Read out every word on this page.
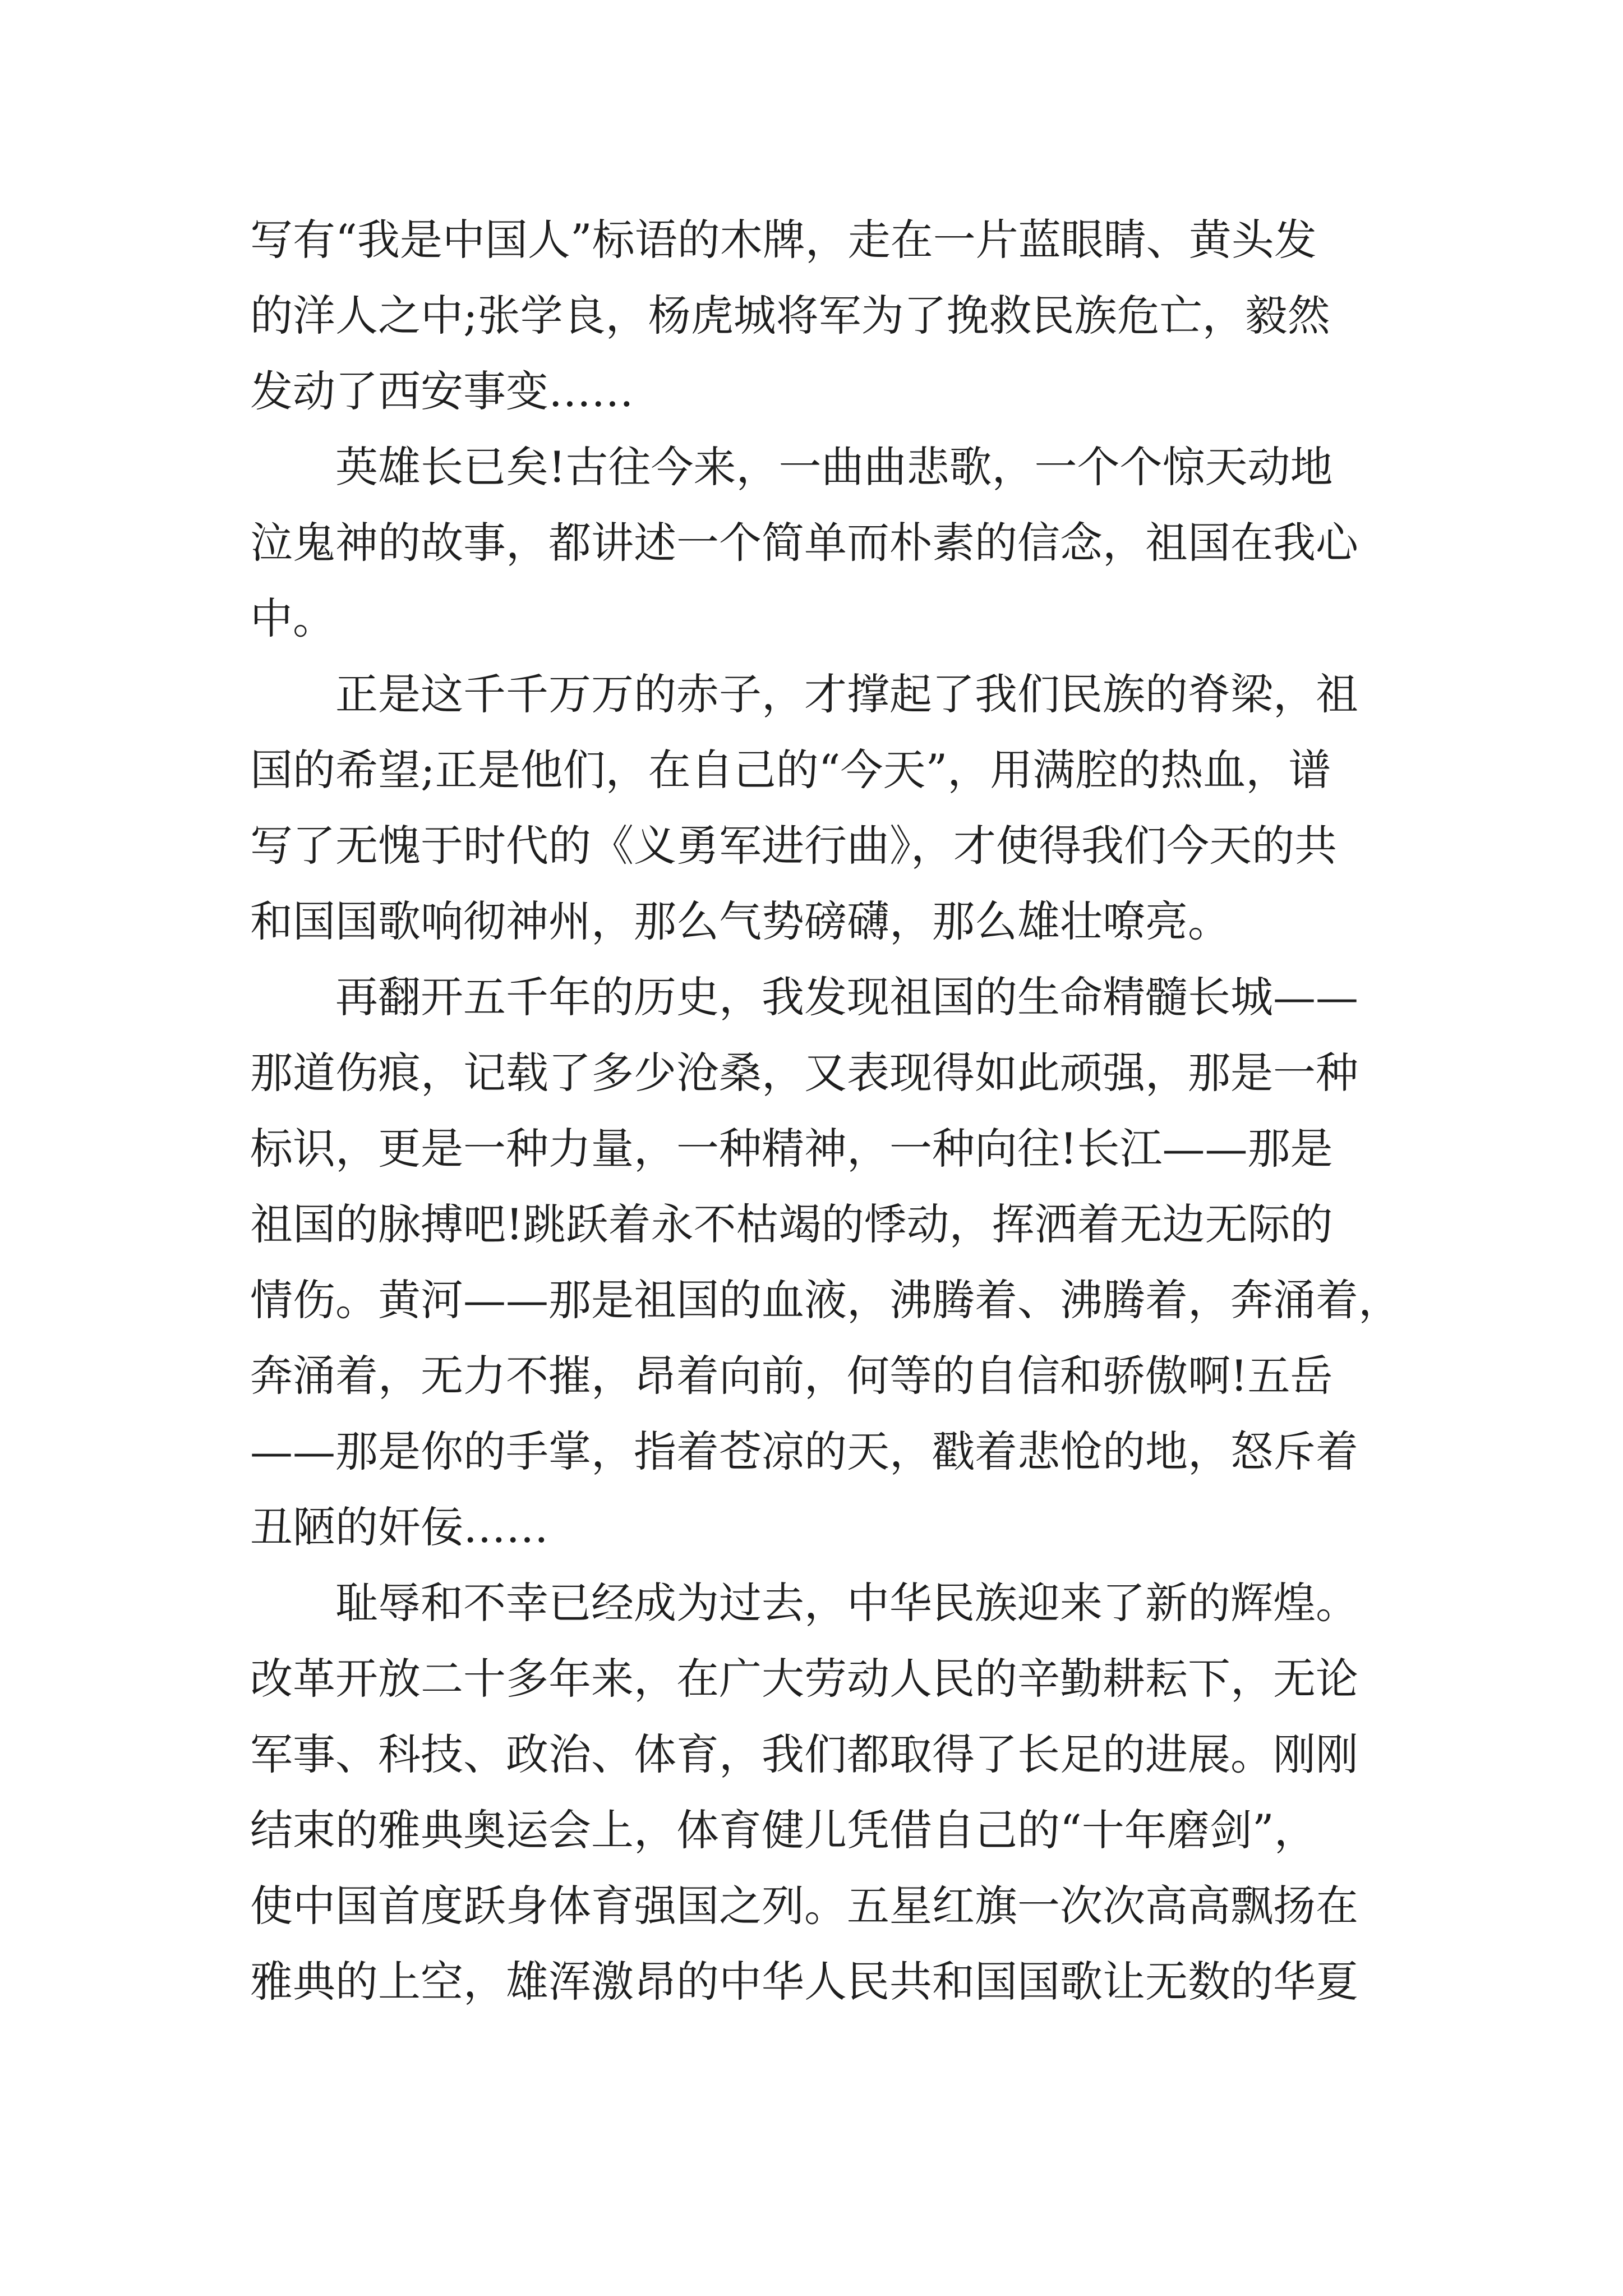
写有“我是中国人”标语的木牌，走在一片蓝眼睛、黄头发
的洋人之中;张学良，杨虎城将军为了挽救民族危亡，毅然
发动了西安事变……

英雄长已矣!古往今来，一曲曲悲歌，一个个惊天动地
泣鬼神的故事，都讲述一个简单而朴素的信念，祖国在我心
中。

正是这千千万万的赤子，才撑起了我们民族的脊梁，祖
国的希望;正是他们，在自己的“今天”，用满腔的热血，谱
写了无愧于时代的《义勇军进行曲》，才使得我们今天的共
和国国歌响彻神州，那么气势磅礴，那么雄壮嘹亮。

再翻开五千年的历史，我发现祖国的生命精髓长城——
那道伤痕，记载了多少沧桑，又表现得如此顽强，那是一种
标识，更是一种力量，一种精神，一种向往!长江——那是
祖国的脉搏吧!跳跃着永不枯竭的悸动，挥洒着无边无际的
情伤。黄河——那是祖国的血液，沸腾着、沸腾着，奔涌着，
奔涌着，无力不摧，昂着向前，何等的自信和骄傲啊!五岳
——那是你的手掌，指着苍凉的天，戳着悲怆的地，怒斥着
丑陋的奸佞……

耻辱和不幸已经成为过去，中华民族迎来了新的辉煌。
改革开放二十多年来，在广大劳动人民的辛勤耕耘下，无论
军事、科技、政治、体育，我们都取得了长足的进展。刚刚
结束的雅典奥运会上，体育健儿凭借自己的“十年磨剑”，
使中国首度跃身体育强国之列。五星红旗一次次高高飘扬在
雅典的上空，雄浑激昂的中华人民共和国国歌让无数的华夏
